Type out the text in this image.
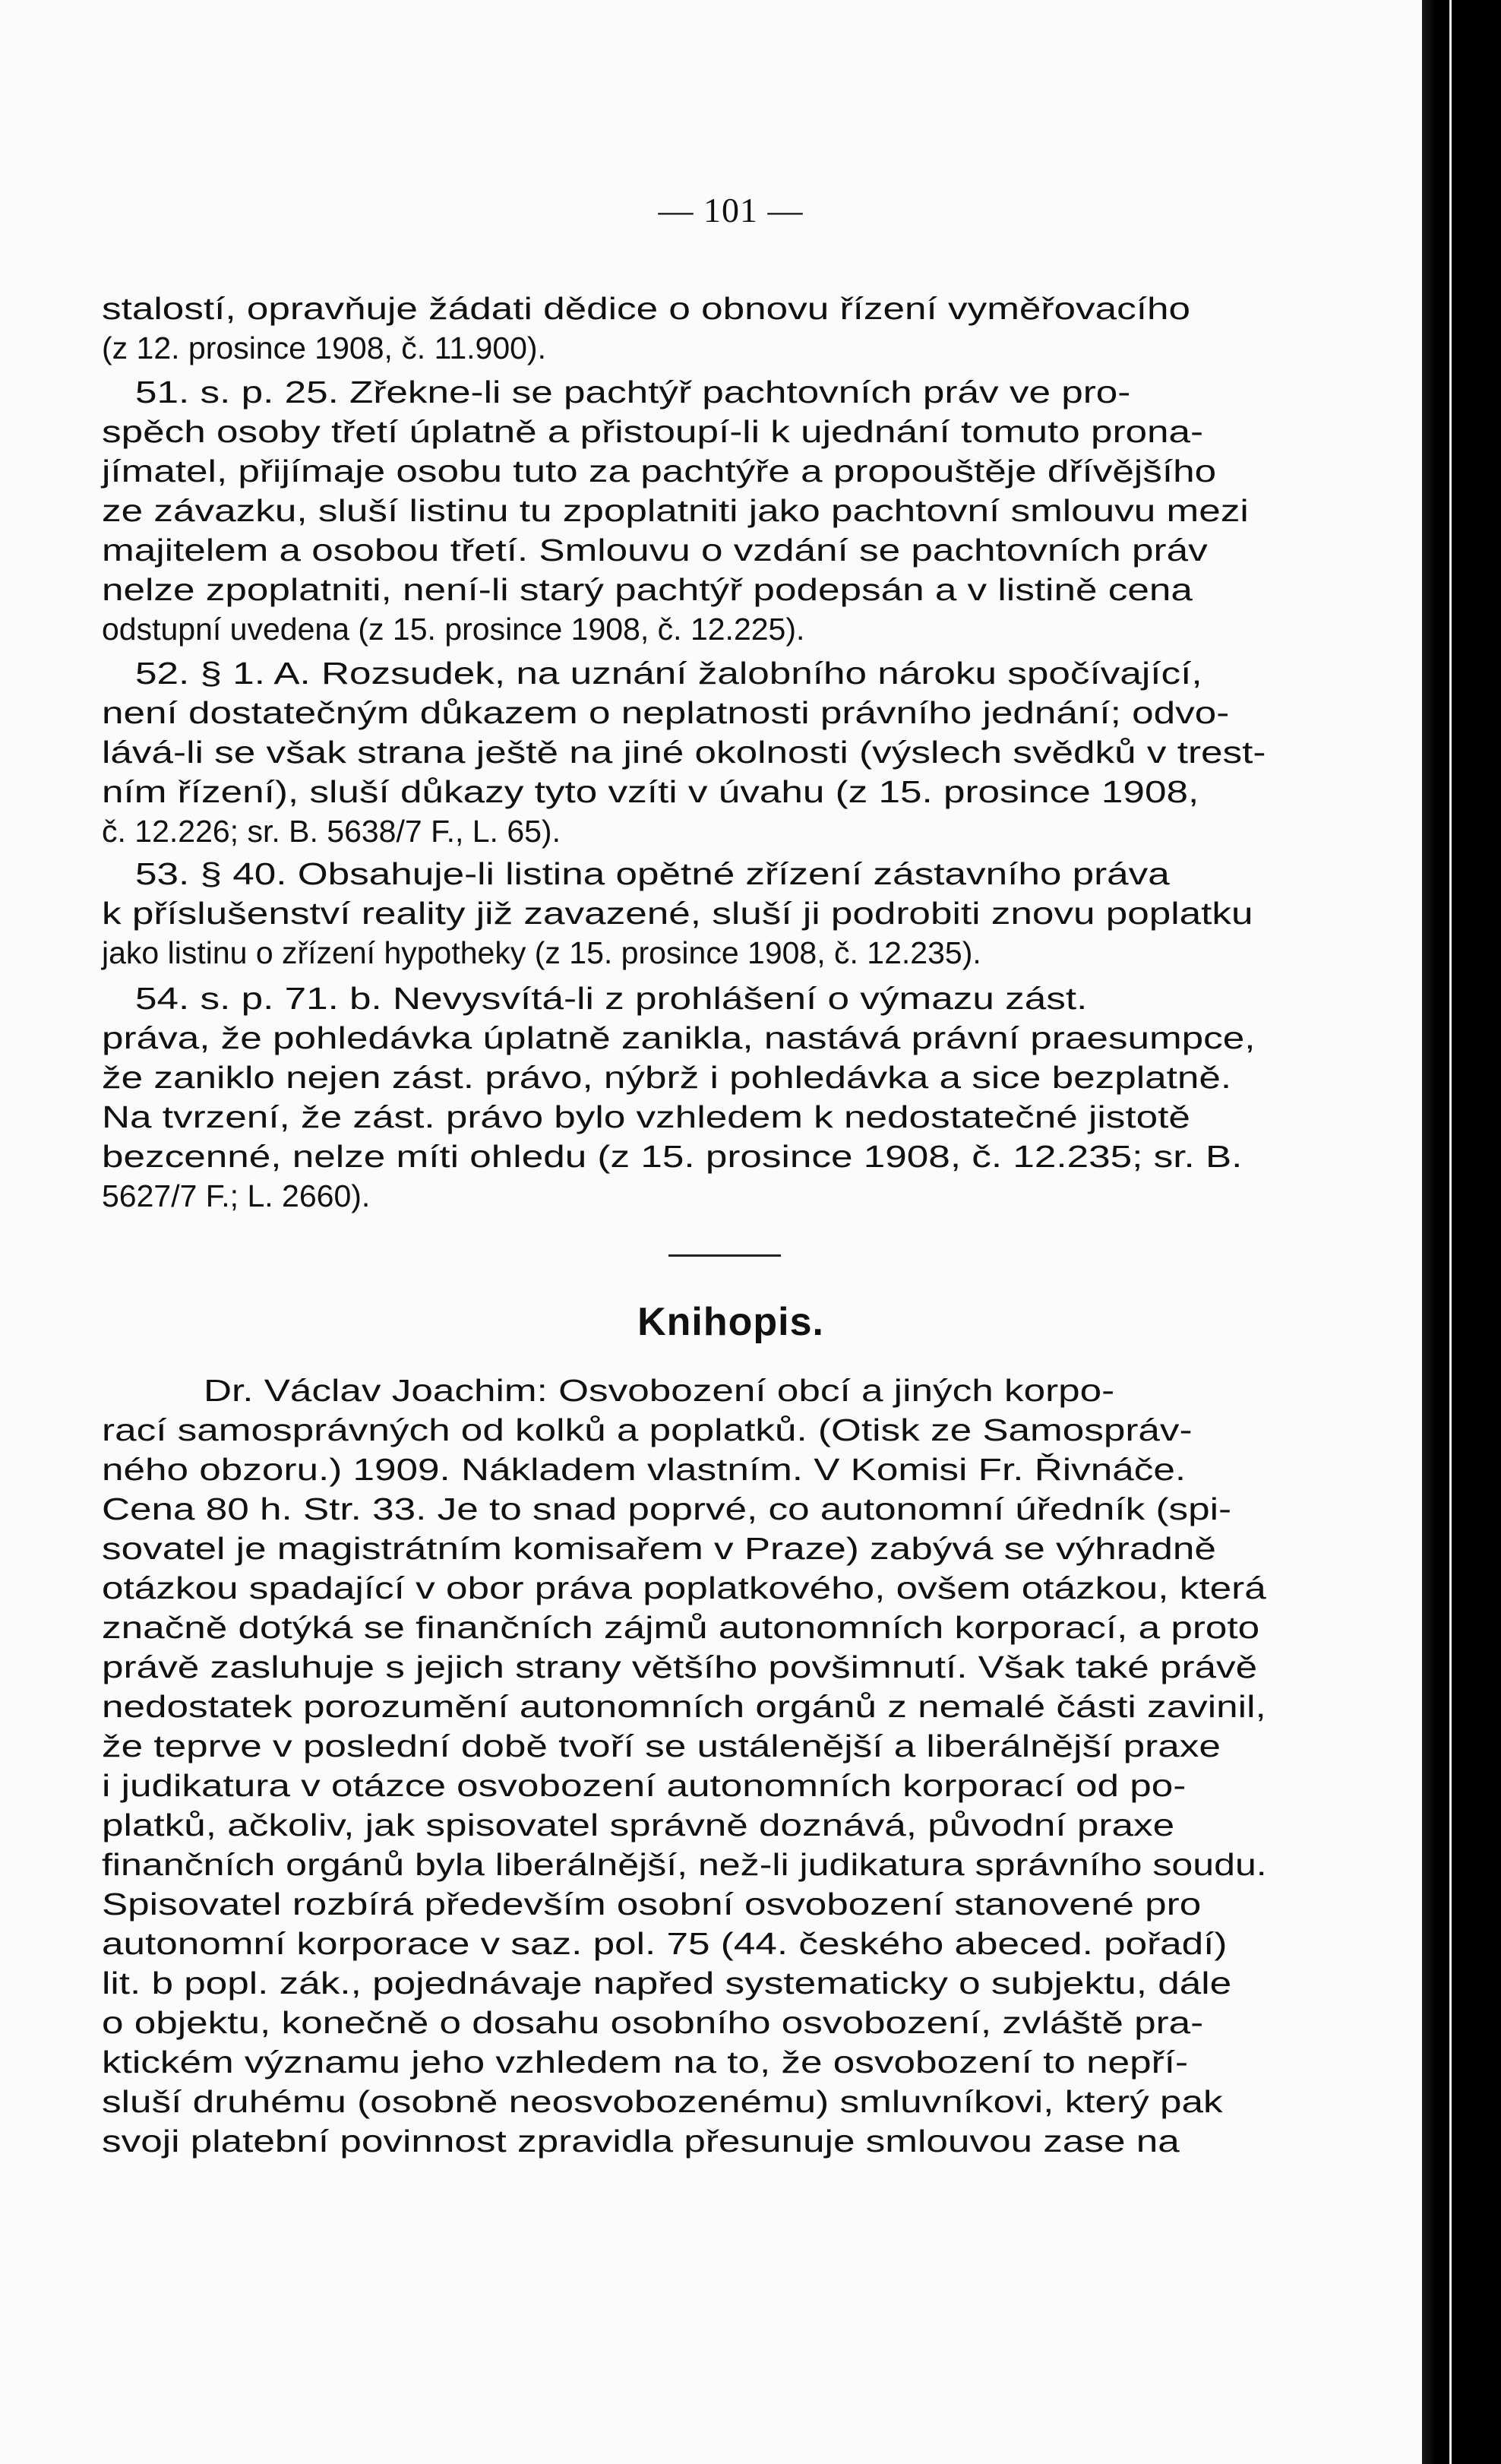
— 101 —
stalostí, opravňuje žádati dědice o obnovu řízení vyměřovacího
(z 12. prosince 1908, č. 11.900).
51. s. p. 25. Zřekne-li se pachtýř pachtovních práv ve pro-
spěch osoby třetí úplatně a přistoupí-li k ujednání tomuto prona-
jímatel, přijímaje osobu tuto za pachtýře a propouštěje dřívějšího
ze závazku, sluší listinu tu zpoplatniti jako pachtovní smlouvu mezi
majitelem a osobou třetí. Smlouvu o vzdání se pachtovních práv
nelze zpoplatniti, není-li starý pachtýř podepsán a v listině cena
odstupní uvedena (z 15. prosince 1908, č. 12.225).
52. § 1. A. Rozsudek, na uznání žalobního nároku spočívající,
není dostatečným důkazem o neplatnosti právního jednání; odvo-
lává-li se však strana ještě na jiné okolnosti (výslech svědků v trest-
ním řízení), sluší důkazy tyto vzíti v úvahu (z 15. prosince 1908,
č. 12.226; sr. B. 5638/7 F., L. 65).
53. § 40. Obsahuje-li listina opětné zřízení zástavního práva
k příslušenství reality již zavazené, sluší ji podrobiti znovu poplatku
jako listinu o zřízení hypotheky (z 15. prosince 1908, č. 12.235).
54. s. p. 71. b. Nevysvítá-li z prohlášení o výmazu zást.
práva, že pohledávka úplatně zanikla, nastává právní praesumpce,
že zaniklo nejen zást. právo, nýbrž i pohledávka a sice bezplatně.
Na tvrzení, že zást. právo bylo vzhledem k nedostatečné jistotě
bezcenné, nelze míti ohledu (z 15. prosince 1908, č. 12.235; sr. B.
5627/7 F.; L. 2660).
Knihopis.
Dr. Václav Joachim: Osvobození obcí a jiných korpo-
rací samosprávných od kolků a poplatků. (Otisk ze Samospráv-
ného obzoru.) 1909. Nákladem vlastním. V Komisi Fr. Řivnáče.
Cena 80 h. Str. 33. Je to snad poprvé, co autonomní úředník (spi-
sovatel je magistrátním komisařem v Praze) zabývá se výhradně
otázkou spadající v obor práva poplatkového, ovšem otázkou, která
značně dotýká se finančních zájmů autonomních korporací, a proto
právě zasluhuje s jejich strany většího povšimnutí. Však také právě
nedostatek porozumění autonomních orgánů z nemalé části zavinil,
že teprve v poslední době tvoří se ustálenější a liberálnější praxe
i judikatura v otázce osvobození autonomních korporací od po-
platků, ačkoliv, jak spisovatel správně doznává, původní praxe
finančních orgánů byla liberálnější, než-li judikatura správního soudu.
Spisovatel rozbírá především osobní osvobození stanovené pro
autonomní korporace v saz. pol. 75 (44. českého abeced. pořadí)
lit. b popl. zák., pojednávaje napřed systematicky o subjektu, dále
o objektu, konečně o dosahu osobního osvobození, zvláště pra-
ktickém významu jeho vzhledem na to, že osvobození to nepří-
sluší druhému (osobně neosvobozenému) smluvníkovi, který pak
svoji platební povinnost zpravidla přesunuje smlouvou zase na
